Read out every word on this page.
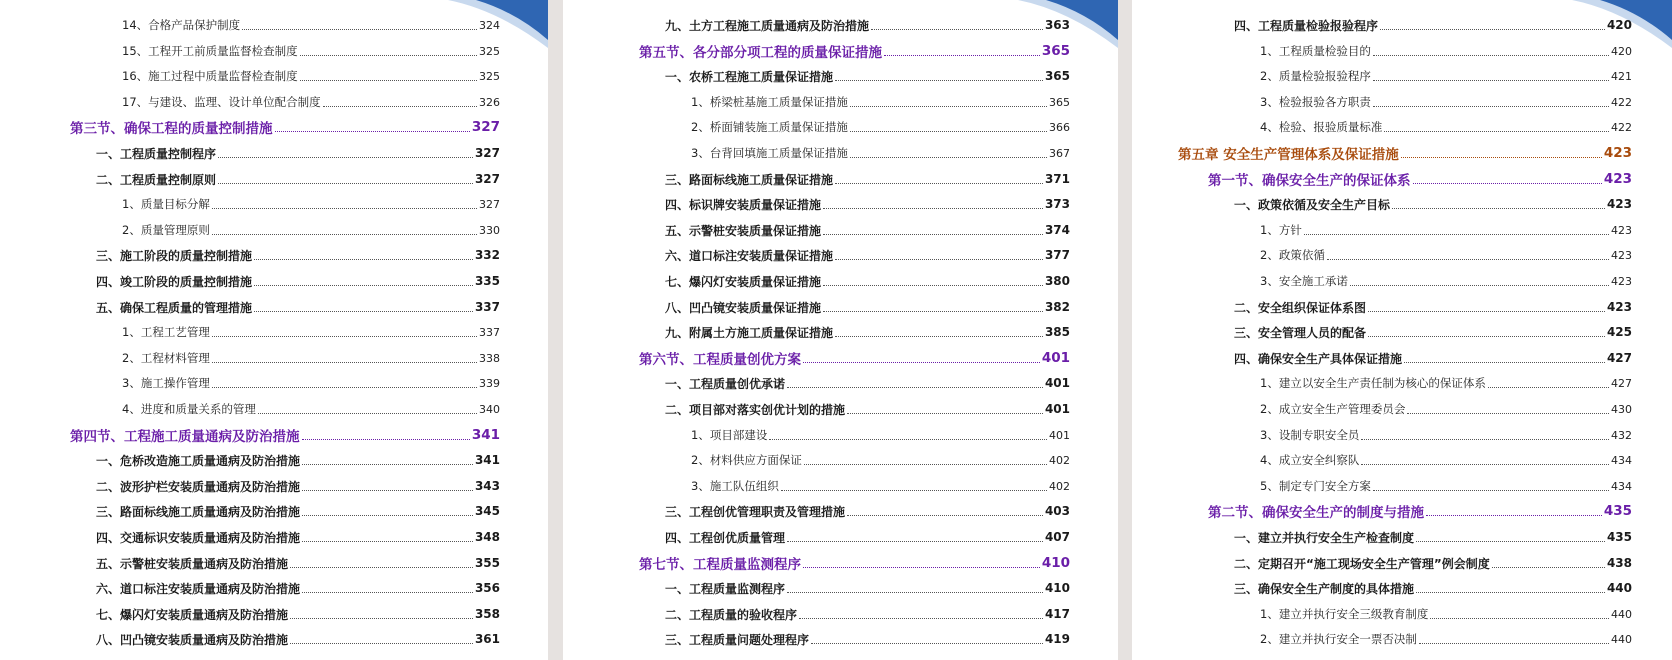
14、合格产品保护制度	324
15、工程开工前质量监督检查制度	325
16、施工过程中质量监督检查制度	325
17、与建设、监理、设计单位配合制度	326
第三节、确保工程的质量控制措施	327
一、工程质量控制程序	327
二、工程质量控制原则	327
1、质量目标分解	327
2、质量管理原则	330
三、施工阶段的质量控制措施	332
四、竣工阶段的质量控制措施	335
五、确保工程质量的管理措施	337
1、工程工艺管理	337
2、工程材料管理	338
3、施工操作管理	339
4、进度和质量关系的管理	340
第四节、工程施工质量通病及防治措施	341
一、危桥改造施工质量通病及防治措施	341
二、波形护栏安装质量通病及防治措施	343
三、路面标线施工质量通病及防治措施	345
四、交通标识安装质量通病及防治措施	348
五、示警桩安装质量通病及防治措施	355
六、道口标注安装质量通病及防治措施	356
七、爆闪灯安装质量通病及防治措施	358
八、凹凸镜安装质量通病及防治措施	361
九、土方工程施工质量通病及防治措施	363
第五节、各分部分项工程的质量保证措施	365
一、农桥工程施工质量保证措施	365
1、桥梁桩基施工质量保证措施	365
2、桥面铺装施工质量保证措施	366
3、台背回填施工质量保证措施	367
三、路面标线施工质量保证措施	371
四、标识牌安装质量保证措施	373
五、示警桩安装质量保证措施	374
六、道口标注安装质量保证措施	377
七、爆闪灯安装质量保证措施	380
八、凹凸镜安装质量保证措施	382
九、附属土方施工质量保证措施	385
第六节、工程质量创优方案	401
一、工程质量创优承诺	401
二、项目部对落实创优计划的措施	401
1、项目部建设	401
2、材料供应方面保证	402
3、施工队伍组织	402
三、工程创优管理职责及管理措施	403
四、工程创优质量管理	407
第七节、工程质量监测程序	410
一、工程质量监测程序	410
二、工程质量的验收程序	417
三、工程质量问题处理程序	419
四、工程质量检验报验程序	420
1、工程质量检验目的	420
2、质量检验报验程序	421
3、检验报验各方职责	422
4、检验、报验质量标准	422
第五章 安全生产管理体系及保证措施	423
第一节、确保安全生产的保证体系	423
一、政策依循及安全生产目标	423
1、方针	423
2、政策依循	423
3、安全施工承诺	423
二、安全组织保证体系图	423
三、安全管理人员的配备	425
四、确保安全生产具体保证措施	427
1、建立以安全生产责任制为核心的保证体系	427
2、成立安全生产管理委员会	430
3、设制专职安全员	432
4、成立安全纠察队	434
5、制定专门安全方案	434
第二节、确保安全生产的制度与措施	435
一、建立并执行安全生产检查制度	435
二、定期召开“施工现场安全生产管理”例会制度	438
三、确保安全生产制度的具体措施	440
1、建立并执行安全三级教育制度	440
2、建立并执行安全一票否决制	440
